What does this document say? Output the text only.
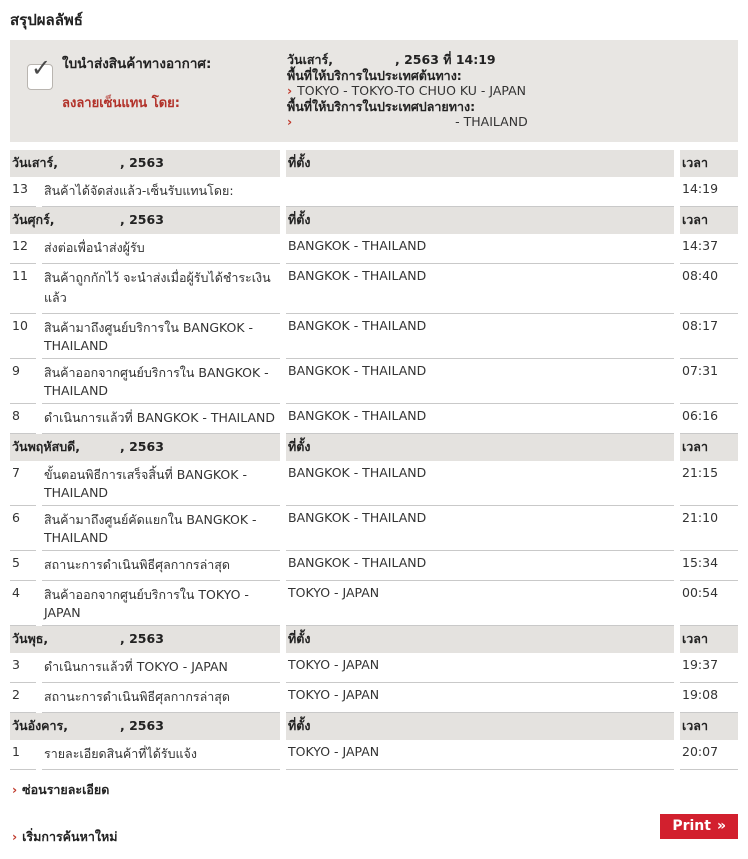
สรุปผลลัพธ์
✓ ใบนำส่งสินค้าทางอากาศ:
ลงลายเซ็นแทน โดย:
วันเสาร์,	, 2563 ที่ 14:19
พื้นที่ให้บริการในประเทศต้นทาง:
› TOKYO - TOKYO-TO CHUO KU - JAPAN
พื้นที่ให้บริการในประเทศปลายทาง:
›	- THAILAND
วันเสาร์, , 2563		ที่ตั้ง	เวลา
13	สินค้าได้จัดส่งแล้ว-เซ็นรับแทนโดย:		14:19
วันศุกร์, , 2563		ที่ตั้ง	เวลา
12	ส่งต่อเพื่อนำส่งผู้รับ	BANGKOK - THAILAND	14:37
11	สินค้าถูกกักไว้ จะนำส่งเมื่อผู้รับได้ชำระเงินแล้ว	BANGKOK - THAILAND	08:40
10	สินค้ามาถึงศูนย์บริการใน BANGKOK - THAILAND	BANGKOK - THAILAND	08:17
9	สินค้าออกจากศูนย์บริการใน BANGKOK - THAILAND	BANGKOK - THAILAND	07:31
8	ดำเนินการแล้วที่ BANGKOK - THAILAND	BANGKOK - THAILAND	06:16
วันพฤหัสบดี, , 2563		ที่ตั้ง	เวลา
7	ขั้นตอนพิธีการเสร็จสิ้นที่ BANGKOK - THAILAND	BANGKOK - THAILAND	21:15
6	สินค้ามาถึงศูนย์คัดแยกใน BANGKOK - THAILAND	BANGKOK - THAILAND	21:10
5	สถานะการดำเนินพิธีศุลกากรล่าสุด	BANGKOK - THAILAND	15:34
4	สินค้าออกจากศูนย์บริการใน TOKYO - JAPAN	TOKYO - JAPAN	00:54
วันพุธ, , 2563		ที่ตั้ง	เวลา
3	ดำเนินการแล้วที่ TOKYO - JAPAN	TOKYO - JAPAN	19:37
2	สถานะการดำเนินพิธีศุลกากรล่าสุด	TOKYO - JAPAN	19:08
วันอังคาร, , 2563		ที่ตั้ง	เวลา
1	รายละเอียดสินค้าที่ได้รับแจ้ง	TOKYO - JAPAN	20:07
› ซ่อนรายละเอียด
› เริ่มการค้นหาใหม่
Print »
